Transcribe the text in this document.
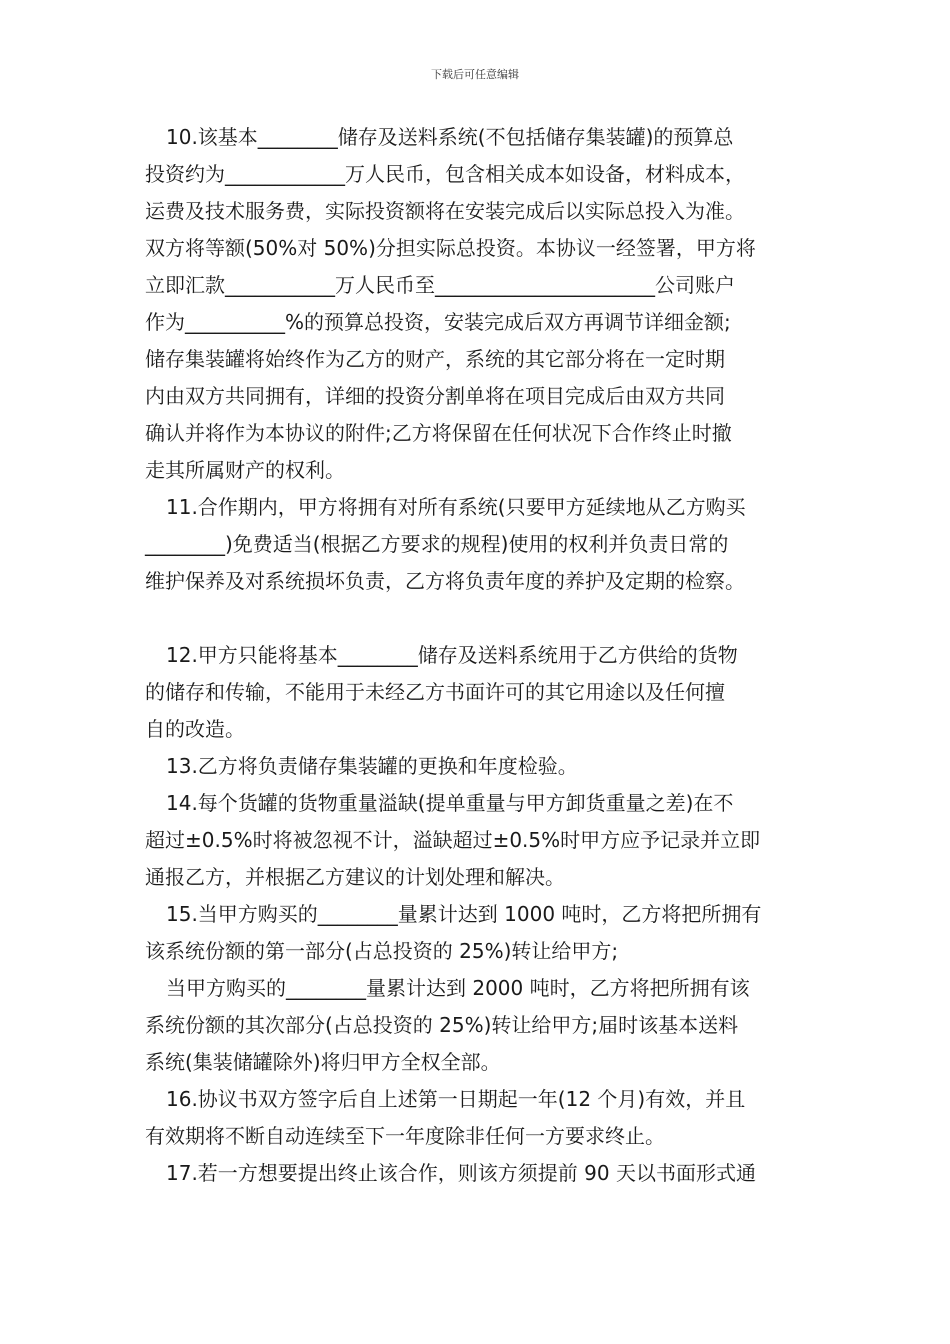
下载后可任意编辑
10.该基本________储存及送料系统(不包括储存集装罐)的预算总
投资约为____________万人民币，包含相关成本如设备，材料成本，
运费及技术服务费，实际投资额将在安装完成后以实际总投入为准。
双方将等额(50%对 50%)分担实际总投资。本协议一经签署，甲方将
立即汇款___________万人民币至______________________公司账户
作为__________%的预算总投资，安装完成后双方再调节详细金额;
储存集装罐将始终作为乙方的财产，系统的其它部分将在一定时期
内由双方共同拥有，详细的投资分割单将在项目完成后由双方共同
确认并将作为本协议的附件;乙方将保留在任何状况下合作终止时撤
走其所属财产的权利。
11.合作期内，甲方将拥有对所有系统(只要甲方延续地从乙方购买
________)免费适当(根据乙方要求的规程)使用的权利并负责日常的
维护保养及对系统损坏负责，乙方将负责年度的养护及定期的检察。
12.甲方只能将基本________储存及送料系统用于乙方供给的货物
的储存和传输，不能用于未经乙方书面许可的其它用途以及任何擅
自的改造。
13.乙方将负责储存集装罐的更换和年度检验。
14.每个货罐的货物重量溢缺(提单重量与甲方卸货重量之差)在不
超过±0.5%时将被忽视不计，溢缺超过±0.5%时甲方应予记录并立即
通报乙方，并根据乙方建议的计划处理和解决。
15.当甲方购买的________量累计达到 1000 吨时，乙方将把所拥有
该系统份额的第一部分(占总投资的 25%)转让给甲方;
当甲方购买的________量累计达到 2000 吨时，乙方将把所拥有该
系统份额的其次部分(占总投资的 25%)转让给甲方;届时该基本送料
系统(集装储罐除外)将归甲方全权全部。
16.协议书双方签字后自上述第一日期起一年(12 个月)有效，并且
有效期将不断自动连续至下一年度除非任何一方要求终止。
17.若一方想要提出终止该合作，则该方须提前 90 天以书面形式通
